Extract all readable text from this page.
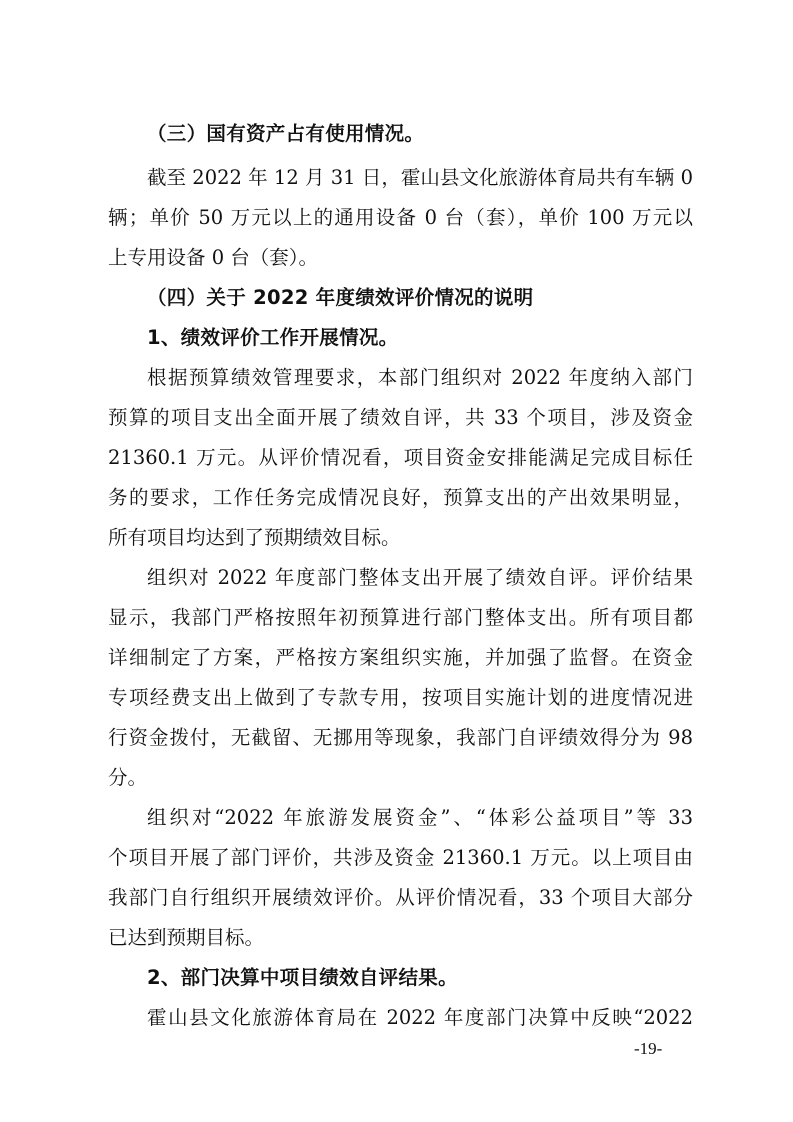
（三）国有资产占有使用情况。
截至 2022 年 12 月 31 日，霍山县文化旅游体育局共有车辆 0
辆；单价 50 万元以上的通用设备 0 台（套），单价 100 万元以
上专用设备 0 台（套）。
（四）关于 2022 年度绩效评价情况的说明
1、绩效评价工作开展情况。
根据预算绩效管理要求，本部门组织对 2022 年度纳入部门
预算的项目支出全面开展了绩效自评，共 33 个项目，涉及资金
21360.1 万元。从评价情况看，项目资金安排能满足完成目标任
务的要求，工作任务完成情况良好，预算支出的产出效果明显，
所有项目均达到了预期绩效目标。
组织对 2022 年度部门整体支出开展了绩效自评。评价结果
显示，我部门严格按照年初预算进行部门整体支出。所有项目都
详细制定了方案，严格按方案组织实施，并加强了监督。在资金
专项经费支出上做到了专款专用，按项目实施计划的进度情况进
行资金拨付，无截留、无挪用等现象，我部门自评绩效得分为 98
分。
组织对“2022 年旅游发展资金”、“体彩公益项目”等 33
个项目开展了部门评价，共涉及资金 21360.1 万元。以上项目由
我部门自行组织开展绩效评价。从评价情况看，33 个项目大部分
已达到预期目标。
2、部门决算中项目绩效自评结果。
霍山县文化旅游体育局在 2022 年度部门决算中反映“2022
-19-
